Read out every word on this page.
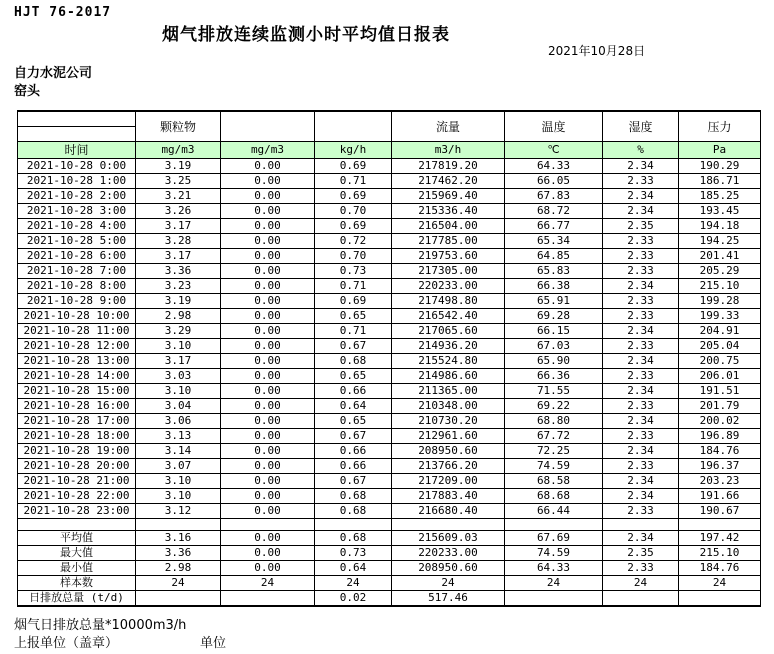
HJT 76-2017
烟气排放连续监测小时平均值日报表
2021年10月28日
自力水泥公司
窑头
	颗粒物			流量	温度	湿度	压力

时间	mg/m3	mg/m3	kg/h	m3/h	℃	%	Pa
2021-10-28 0:00	3.19	0.00	0.69	217819.20	64.33	2.34	190.29
2021-10-28 1:00	3.25	0.00	0.71	217462.20	66.05	2.33	186.71
2021-10-28 2:00	3.21	0.00	0.69	215969.40	67.83	2.34	185.25
2021-10-28 3:00	3.26	0.00	0.70	215336.40	68.72	2.34	193.45
2021-10-28 4:00	3.17	0.00	0.69	216504.00	66.77	2.35	194.18
2021-10-28 5:00	3.28	0.00	0.72	217785.00	65.34	2.33	194.25
2021-10-28 6:00	3.17	0.00	0.70	219753.60	64.85	2.33	201.41
2021-10-28 7:00	3.36	0.00	0.73	217305.00	65.83	2.33	205.29
2021-10-28 8:00	3.23	0.00	0.71	220233.00	66.38	2.34	215.10
2021-10-28 9:00	3.19	0.00	0.69	217498.80	65.91	2.33	199.28
2021-10-28 10:00	2.98	0.00	0.65	216542.40	69.28	2.33	199.33
2021-10-28 11:00	3.29	0.00	0.71	217065.60	66.15	2.34	204.91
2021-10-28 12:00	3.10	0.00	0.67	214936.20	67.03	2.33	205.04
2021-10-28 13:00	3.17	0.00	0.68	215524.80	65.90	2.34	200.75
2021-10-28 14:00	3.03	0.00	0.65	214986.60	66.36	2.33	206.01
2021-10-28 15:00	3.10	0.00	0.66	211365.00	71.55	2.34	191.51
2021-10-28 16:00	3.04	0.00	0.64	210348.00	69.22	2.33	201.79
2021-10-28 17:00	3.06	0.00	0.65	210730.20	68.80	2.34	200.02
2021-10-28 18:00	3.13	0.00	0.67	212961.60	67.72	2.33	196.89
2021-10-28 19:00	3.14	0.00	0.66	208950.60	72.25	2.34	184.76
2021-10-28 20:00	3.07	0.00	0.66	213766.20	74.59	2.33	196.37
2021-10-28 21:00	3.10	0.00	0.67	217209.00	68.58	2.34	203.23
2021-10-28 22:00	3.10	0.00	0.68	217883.40	68.68	2.34	191.66
2021-10-28 23:00	3.12	0.00	0.68	216680.40	66.44	2.33	190.67

平均值	3.16	0.00	0.68	215609.03	67.69	2.34	197.42
最大值	3.36	0.00	0.73	220233.00	74.59	2.35	215.10
最小值	2.98	0.00	0.64	208950.60	64.33	2.33	184.76
样本数	24	24	24	24	24	24	24
日排放总量 (t/d)			0.02	517.46			
烟气日排放总量*10000m3/h
上报单位（盖章）	单位
